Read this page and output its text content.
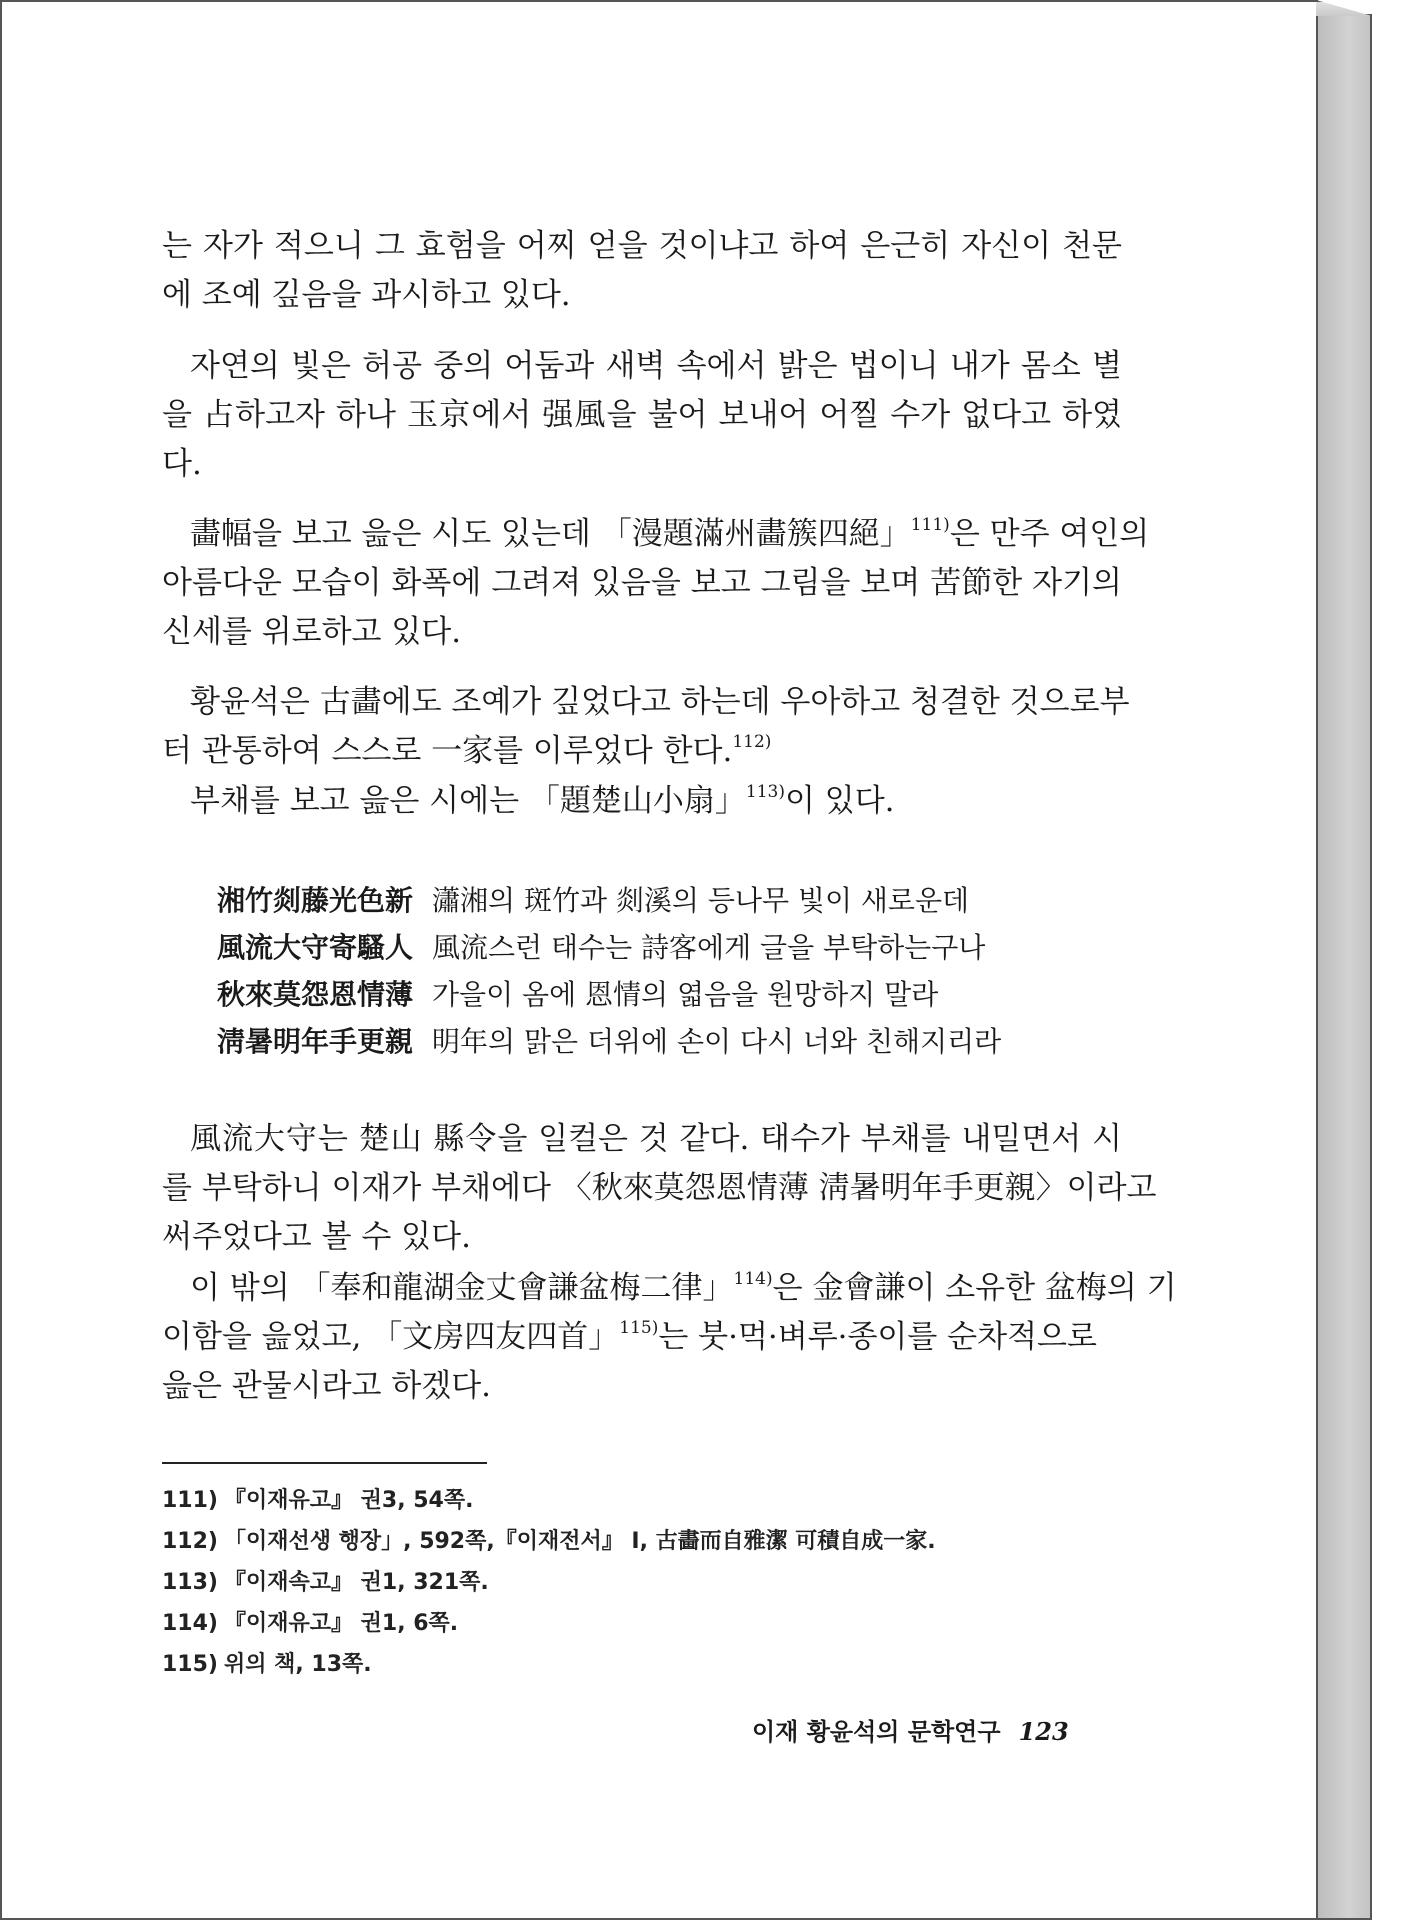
는 자가 적으니 그 효험을 어찌 얻을 것이냐고 하여 은근히 자신이 천문
에 조예 깊음을 과시하고 있다.
자연의 빛은 허공 중의 어둠과 새벽 속에서 밝은 법이니 내가 몸소 별
을 占하고자 하나 玉京에서 强風을 불어 보내어 어찔 수가 없다고 하였
다.
畵幅을 보고 읊은 시도 있는데 「漫題滿州畵簇四絕」$^{111)}$은 만주 여인의
아름다운 모습이 화폭에 그려져 있음을 보고 그림을 보며 苦節한 자기의
신세를 위로하고 있다.
황윤석은 古畵에도 조예가 깊었다고 하는데 우아하고 청결한 것으로부
터 관통하여 스스로 一家를 이루었다 한다.$^{112)}$
부채를 보고 읊은 시에는 「題楚山小扇」$^{113)}$이 있다.
湘竹剡藤光色新 瀟湘의 斑竹과 剡溪의 등나무 빛이 새로운데
風流大守寄騷人 風流스런 태수는 詩客에게 글을 부탁하는구나
秋來莫怨恩情薄 가을이 옴에 恩情의 엷음을 원망하지 말라
淸暑明年手更親 明年의 맑은 더위에 손이 다시 너와 친해지리라
風流大守는 楚山 縣令을 일컬은 것 같다. 태수가 부채를 내밀면서 시
를 부탁하니 이재가 부채에다 〈秋來莫怨恩情薄 淸暑明年手更親〉이라고
써주었다고 볼 수 있다.
이 밖의 「奉和龍湖金丈會謙盆梅二律」$^{114)}$은 金會謙이 소유한 盆梅의 기
이함을 읊었고, 「文房四友四首」$^{115)}$는 붓·먹·벼루·종이를 순차적으로
읊은 관물시라고 하겠다.
111) 『이재유고』 권3, 54쪽.
112) 「이재선생 행장」, 592쪽,『이재전서』 Ⅰ, 古畵而自雅潔 可積自成一家.
113) 『이재속고』 권1, 321쪽.
114) 『이재유고』 권1, 6쪽.
115) 위의 책, 13쪽.
이재 황윤석의 문학연구 123
